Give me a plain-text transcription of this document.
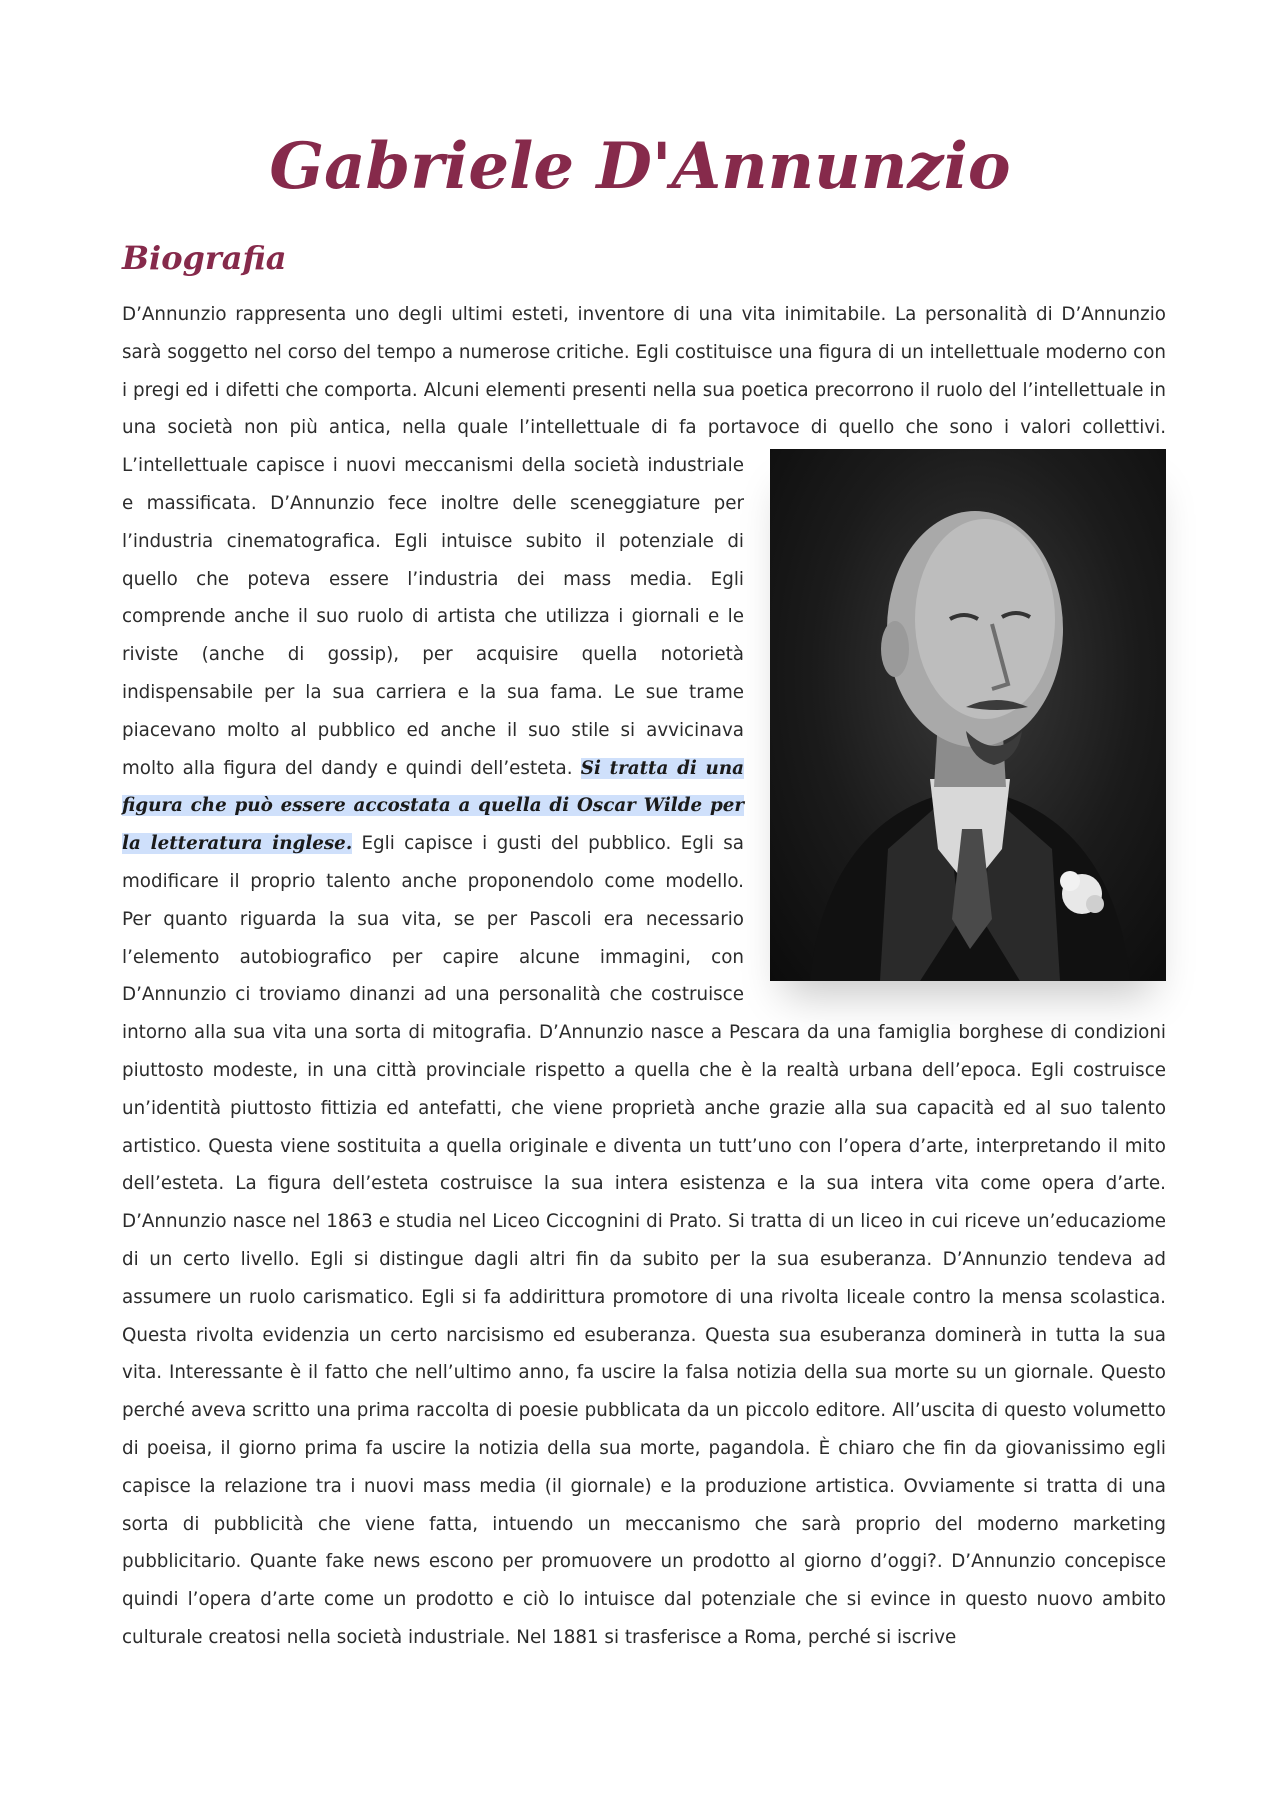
Gabriele D'Annunzio
Biografia
D’Annunzio rappresenta uno degli ultimi esteti, inventore di una vita inimitabile. La personalità di D’Annunzio sarà soggetto nel corso del tempo a numerose critiche. Egli costituisce una figura di un intellettuale moderno con i pregi ed i difetti che comporta. Alcuni elementi presenti nella sua poetica precorrono il ruolo del l’intellettuale in una società non più antica, nella quale l’intellettuale di fa portavoce di quello che sono i valori collettivi. L’intellettuale capisce i nuovi meccanismi della società industriale e massificata. D’Annunzio fece inoltre delle sceneggiature per l’industria cinematografica. Egli intuisce subito il potenziale di quello che poteva essere l’industria dei mass media. Egli comprende anche il suo ruolo di artista che utilizza i giornali e le riviste (anche di gossip), per acquisire quella notorietà indispensabile per la sua carriera e la sua fama. Le sue trame piacevano molto al pubblico ed anche il suo stile si avvicinava molto alla figura del dandy e quindi dell’esteta. Si tratta di una figura che può essere accostata a quella di Oscar Wilde per la letteratura inglese. Egli capisce i gusti del pubblico. Egli sa modificare il proprio talento anche proponendolo come modello. Per quanto riguarda la sua vita, se per Pascoli era necessario l’elemento autobiografico per capire alcune immagini, con D’Annunzio ci troviamo dinanzi ad una personalità che costruisce intorno alla sua vita una sorta di mitografia. D’Annunzio nasce a Pescara da una famiglia borghese di condizioni piuttosto modeste, in una città provinciale rispetto a quella che è la realtà urbana dell’epoca. Egli costruisce un’identità piuttosto fittizia ed antefatti, che viene proprietà anche grazie alla sua capacità ed al suo talento artistico. Questa viene sostituita a quella originale e diventa un tutt’uno con l’opera d’arte, interpretando il mito dell’esteta. La figura dell’esteta costruisce la sua intera esistenza e la sua intera vita come opera d’arte. D’Annunzio nasce nel 1863 e studia nel Liceo Ciccognini di Prato. Si tratta di un liceo in cui riceve un’educaziome di un certo livello. Egli si distingue dagli altri fin da subito per la sua esuberanza. D’Annunzio tendeva ad assumere un ruolo carismatico. Egli si fa addirittura promotore di una rivolta liceale contro la mensa scolastica. Questa rivolta evidenzia un certo narcisismo ed esuberanza. Questa sua esuberanza dominerà in tutta la sua vita. Interessante è il fatto che nell’ultimo anno, fa uscire la falsa notizia della sua morte su un giornale. Questo perché aveva scritto una prima raccolta di poesie pubblicata da un piccolo editore. All’uscita di questo volumetto di poeisa, il giorno prima fa uscire la notizia della sua morte, pagandola. È chiaro che fin da giovanissimo egli capisce la relazione tra i nuovi mass media (il giornale) e la produzione artistica. Ovviamente si tratta di una sorta di pubblicità che viene fatta, intuendo un meccanismo che sarà proprio del moderno marketing pubblicitario. Quante fake news escono per promuovere un prodotto al giorno d’oggi?. D’Annunzio concepisce quindi l’opera d’arte come un prodotto e ciò lo intuisce dal potenziale che si evince in questo nuovo ambito culturale creatosi nella società industriale. Nel 1881 si trasferisce a Roma, perché si iscrive
